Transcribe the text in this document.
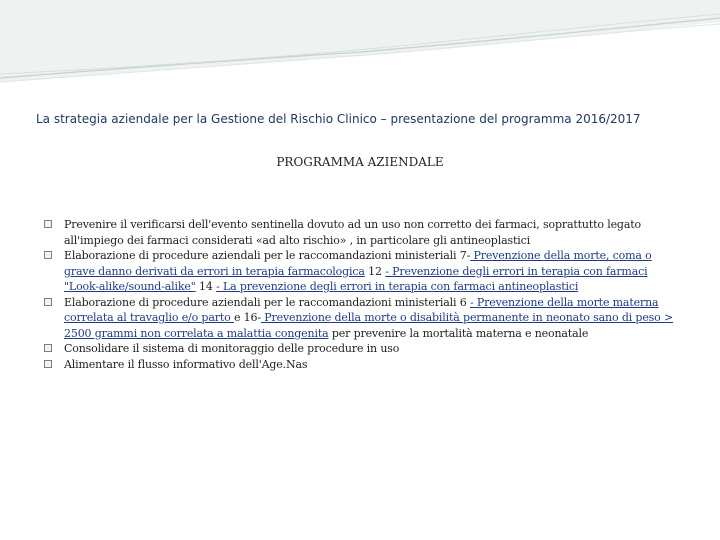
La strategia aziendale per la Gestione del Rischio Clinico – presentazione del programma 2016/2017
PROGRAMMA AZIENDALE
Prevenire il verificarsi dell'evento sentinella dovuto ad un uso non corretto dei farmaci, soprattutto legato all'impiego dei farmaci considerati «ad alto rischio» , in particolare gli antineoplastici
Elaborazione di procedure aziendali per le raccomandazioni ministeriali 7- Prevenzione della morte, coma o grave danno derivati da errori in terapia farmacologica 12 - Prevenzione degli errori in terapia con farmaci "Look-alike/sound-alike" 14 - La prevenzione degli errori in terapia con farmaci antineoplastici
Elaborazione di procedure aziendali per le raccomandazioni ministeriali 6 - Prevenzione della morte materna correlata al travaglio e/o parto e 16- Prevenzione della morte o disabilità permanente in neonato sano di peso > 2500 grammi non correlata a malattia congenita per prevenire la mortalità materna e neonatale
Consolidare il sistema di monitoraggio delle procedure in uso
Alimentare il flusso informativo dell'Age.Nas
